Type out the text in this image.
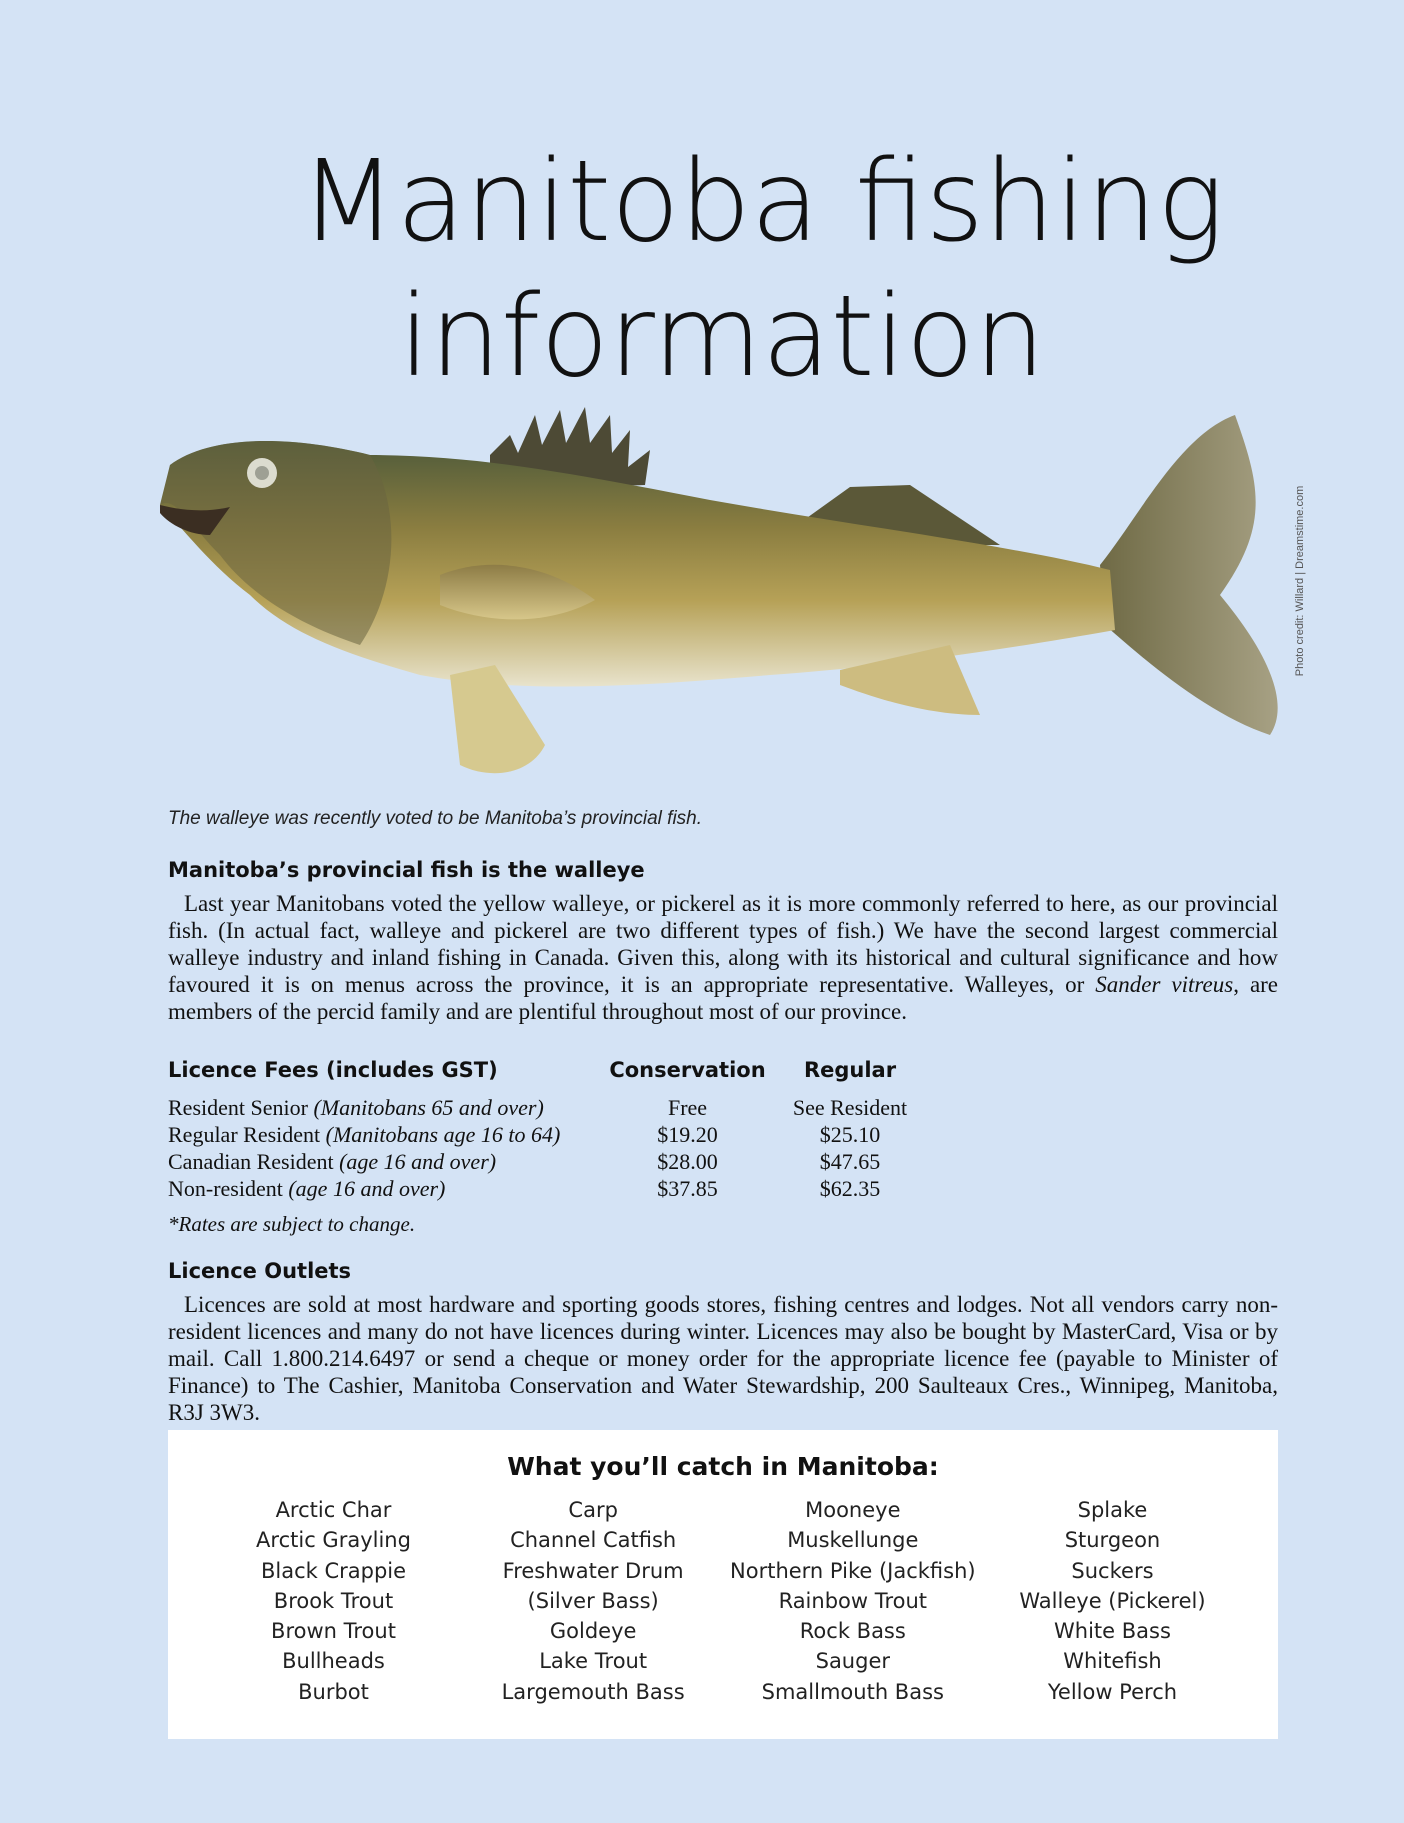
Manitoba fishing
information
Photo credit: Willard | Dreamstime.com
The walleye was recently voted to be Manitoba’s provincial fish.
Manitoba’s provincial fish is the walleye

Last year Manitobans voted the yellow walleye, or pickerel as it is more commonly referred to here, as our provincial fish. (In actual fact, walleye and pickerel are two different types of fish.) We have the second largest commercial walleye industry and inland fishing in Canada. Given this, along with its historical and cultural significance and how favoured it is on menus across the province, it is an appropriate representative. Walleyes, or Sander vitreus, are members of the percid family and are plentiful throughout most of our province.

Licence Fees (includes GST)	Conservation	Regular
Resident Senior (Manitobans 65 and over)	Free	See Resident
Regular Resident (Manitobans age 16 to 64)	$19.20	$25.10
Canadian Resident (age 16 and over)	$28.00	$47.65
Non-resident (age 16 and over)	$37.85	$62.35
*Rates are subject to change.
Licence Outlets

Licences are sold at most hardware and sporting goods stores, fishing centres and lodges. Not all vendors carry non-resident licences and many do not have licences during winter. Licences may also be bought by MasterCard, Visa or by mail. Call 1.800.214.6497 or send a cheque or money order for the appropriate licence fee (payable to Minister of Finance) to The Cashier, Manitoba Conservation and Water Stewardship, 200 Saulteaux Cres., Winnipeg, Manitoba, R3J 3W3.

What you’ll catch in Manitoba:
Arctic Char
Arctic Grayling
Black Crappie
Brook Trout
Brown Trout
Bullheads
Burbot
Carp
Channel Catfish
Freshwater Drum
(Silver Bass)
Goldeye
Lake Trout
Largemouth Bass
Mooneye
Muskellunge
Northern Pike (Jackfish)
Rainbow Trout
Rock Bass
Sauger
Smallmouth Bass
Splake
Sturgeon
Suckers
Walleye (Pickerel)
White Bass
Whitefish
Yellow Perch
